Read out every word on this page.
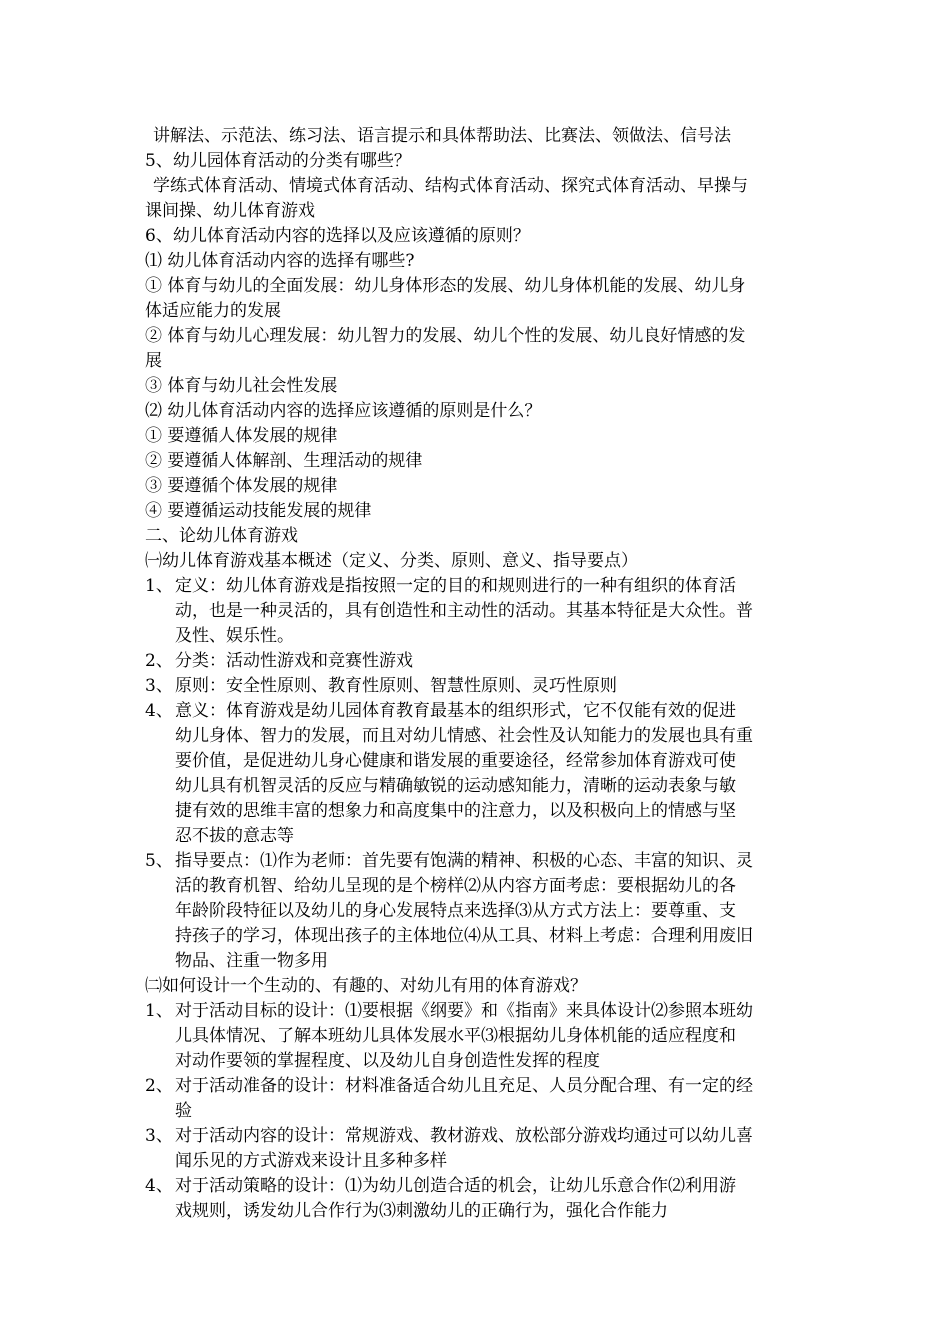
讲解法、示范法、练习法、语言提示和具体帮助法、比赛法、领做法、信号法
5、幼儿园体育活动的分类有哪些？
学练式体育活动、情境式体育活动、结构式体育活动、探究式体育活动、早操与
课间操、幼儿体育游戏
6、幼儿体育活动内容的选择以及应该遵循的原则？
⑴ 幼儿体育活动内容的选择有哪些?
① 体育与幼儿的全面发展：幼儿身体形态的发展、幼儿身体机能的发展、幼儿身
体适应能力的发展
② 体育与幼儿心理发展：幼儿智力的发展、幼儿个性的发展、幼儿良好情感的发
展
③ 体育与幼儿社会性发展
⑵ 幼儿体育活动内容的选择应该遵循的原则是什么？
① 要遵循人体发展的规律
② 要遵循人体解剖、生理活动的规律
③ 要遵循个体发展的规律
④ 要遵循运动技能发展的规律
二、论幼儿体育游戏
㈠幼儿体育游戏基本概述（定义、分类、原则、意义、指导要点）
1、 定义：幼儿体育游戏是指按照一定的目的和规则进行的一种有组织的体育活
动，也是一种灵活的，具有创造性和主动性的活动。其基本特征是大众性。普
及性、娱乐性。
2、 分类：活动性游戏和竞赛性游戏
3、 原则：安全性原则、教育性原则、智慧性原则、灵巧性原则
4、 意义：体育游戏是幼儿园体育教育最基本的组织形式，它不仅能有效的促进
幼儿身体、智力的发展，而且对幼儿情感、社会性及认知能力的发展也具有重
要价值，是促进幼儿身心健康和谐发展的重要途径，经常参加体育游戏可使
幼儿具有机智灵活的反应与精确敏锐的运动感知能力，清晰的运动表象与敏
捷有效的思维丰富的想象力和高度集中的注意力，以及积极向上的情感与坚
忍不拔的意志等
5、 指导要点：⑴作为老师：首先要有饱满的精神、积极的心态、丰富的知识、灵
活的教育机智、给幼儿呈现的是个榜样⑵从内容方面考虑：要根据幼儿的各
年龄阶段特征以及幼儿的身心发展特点来选择⑶从方式方法上：要尊重、支
持孩子的学习，体现出孩子的主体地位⑷从工具、材料上考虑：合理利用废旧
物品、注重一物多用
㈡如何设计一个生动的、有趣的、对幼儿有用的体育游戏？
1、 对于活动目标的设计：⑴要根据《纲要》和《指南》来具体设计⑵参照本班幼
儿具体情况、了解本班幼儿具体发展水平⑶根据幼儿身体机能的适应程度和
对动作要领的掌握程度、以及幼儿自身创造性发挥的程度
2、 对于活动准备的设计：材料准备适合幼儿且充足、人员分配合理、有一定的经
验
3、 对于活动内容的设计：常规游戏、教材游戏、放松部分游戏均通过可以幼儿喜
闻乐见的方式游戏来设计且多种多样
4、 对于活动策略的设计：⑴为幼儿创造合适的机会，让幼儿乐意合作⑵利用游
戏规则，诱发幼儿合作行为⑶刺激幼儿的正确行为，强化合作能力
